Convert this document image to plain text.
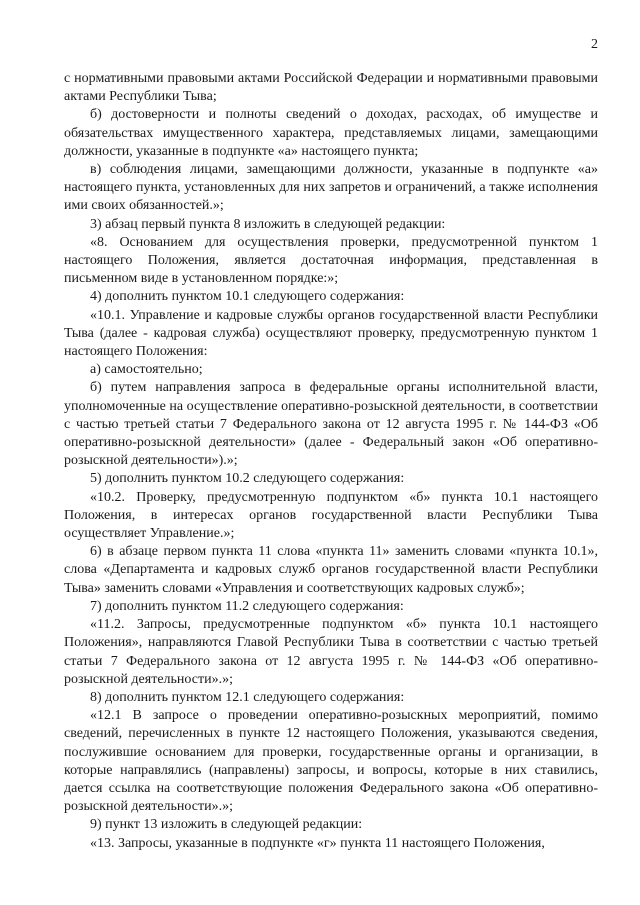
2

с нормативными правовыми актами Российской Федерации и нормативными правовыми актами Республики Тыва;

б) достоверности и полноты сведений о доходах, расходах, об имуществе и обязательствах имущественного характера, представляемых лицами, замещающими должности, указанные в подпункте «а» настоящего пункта;

в) соблюдения лицами, замещающими должности, указанные в подпункте «а» настоящего пункта, установленных для них запретов и ограничений, а также исполнения ими своих обязанностей.»;

3) абзац первый пункта 8 изложить в следующей редакции:

«8. Основанием для осуществления проверки, предусмотренной пунктом 1 настоящего Положения, является достаточная информация, представленная в письменном виде в установленном порядке:»;

4) дополнить пунктом 10.1 следующего содержания:

«10.1. Управление и кадровые службы органов государственной власти Республики Тыва (далее - кадровая служба) осуществляют проверку, предусмотренную пунктом 1 настоящего Положения:

а) самостоятельно;

б) путем направления запроса в федеральные органы исполнительной власти, уполномоченные на осуществление оперативно-розыскной деятельности, в соответствии с частью третьей статьи 7 Федерального закона от 12 августа 1995 г. № 144-ФЗ «Об оперативно-розыскной деятельности» (далее - Федеральный закон «Об оперативно-розыскной деятельности»).»;

5) дополнить пунктом 10.2 следующего содержания:

«10.2. Проверку, предусмотренную подпунктом «б» пункта 10.1 настоящего Положения, в интересах органов государственной власти Республики Тыва осуществляет Управление.»;

6) в абзаце первом пункта 11 слова «пункта 11» заменить словами «пункта 10.1», слова «Департамента и кадровых служб органов государственной власти Республики Тыва» заменить словами «Управления и соответствующих кадровых служб»;

7) дополнить пунктом 11.2 следующего содержания:

«11.2. Запросы, предусмотренные подпунктом «б» пункта 10.1 настоящего Положения», направляются Главой Республики Тыва в соответствии с частью третьей статьи 7 Федерального закона от 12 августа 1995 г. № 144-ФЗ «Об оперативно-розыскной деятельности».»;

8) дополнить пунктом 12.1 следующего содержания:

«12.1 В запросе о проведении оперативно-розыскных мероприятий, помимо сведений, перечисленных в пункте 12 настоящего Положения, указываются сведения, послужившие основанием для проверки, государственные органы и организации, в которые направлялись (направлены) запросы, и вопросы, которые в них ставились, дается ссылка на соответствующие положения Федерального закона «Об оперативно-розыскной деятельности».»;

9) пункт 13 изложить в следующей редакции:

«13. Запросы, указанные в подпункте «г» пункта 11 настоящего Положения,
